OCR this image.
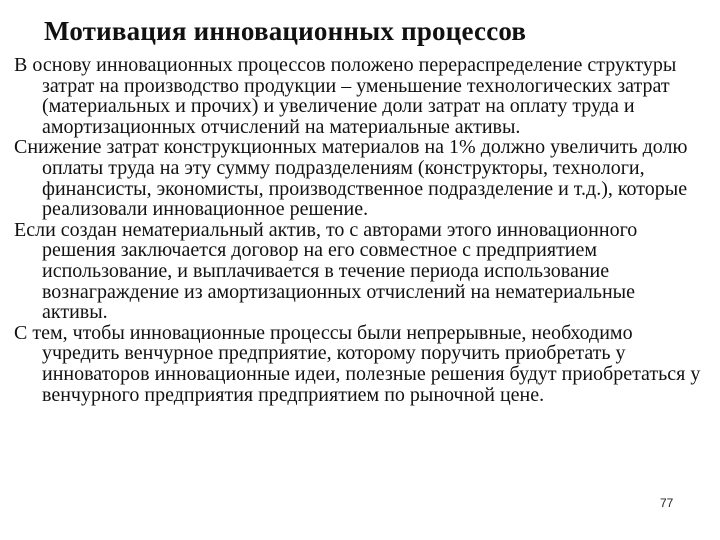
Мотивация инновационных процессов

В основу инновационных процессов положено перераспределение структуры затрат на производство продукции – уменьшение технологических затрат (материальных и прочих) и увеличение доли затрат на оплату труда и амортизационных отчислений на материальные активы.

Снижение затрат конструкционных материалов на 1% должно увеличить долю оплаты труда на эту сумму подразделениям (конструкторы, технологи, финансисты, экономисты, производственное подразделение и т.д.), которые реализовали инновационное решение.

Если создан нематериальный актив, то с авторами этого инновационного решения заключается договор на его совместное с предприятием использование, и выплачивается в течение периода использование вознаграждение из амортизационных отчислений на нематериальные активы.

С тем, чтобы инновационные процессы были непрерывные, необходимо учредить венчурное предприятие, которому поручить приобретать у инноваторов инновационные идеи, полезные решения будут приобретаться у венчурного предприятия предприятием по рыночной цене.

77
